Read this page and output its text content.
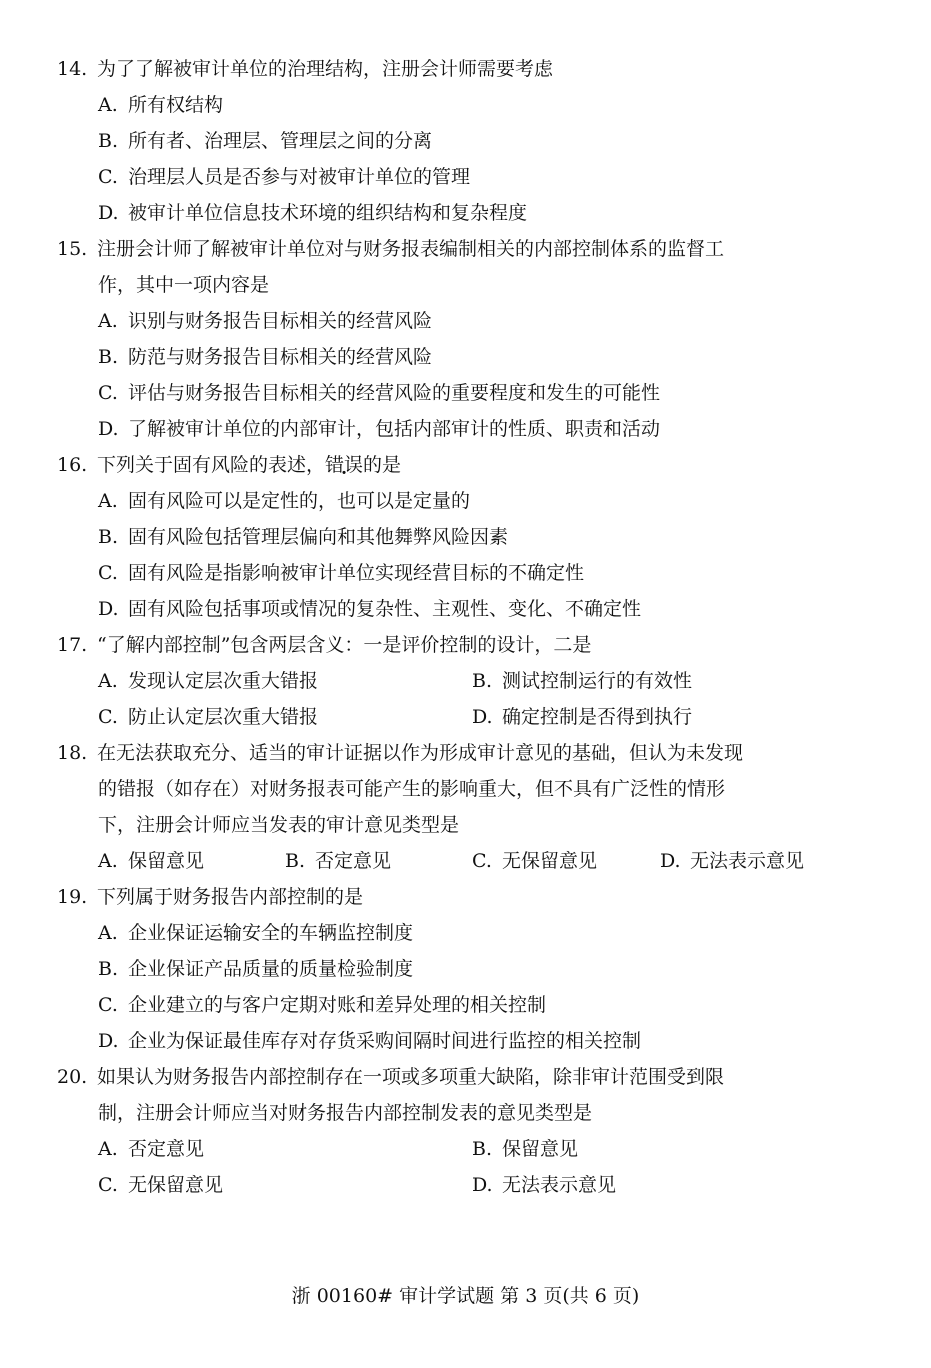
14. 为了了解被审计单位的治理结构，注册会计师需要考虑
A. 所有权结构
B. 所有者、治理层、管理层之间的分离
C. 治理层人员是否参与对被审计单位的管理
D. 被审计单位信息技术环境的组织结构和复杂程度
15. 注册会计师了解被审计单位对与财务报表编制相关的内部控制体系的监督工
作，其中一项内容是
A. 识别与财务报告目标相关的经营风险
B. 防范与财务报告目标相关的经营风险
C. 评估与财务报告目标相关的经营风险的重要程度和发生的可能性
D. 了解被审计单位的内部审计，包括内部审计的性质、职责和活动
16. 下列关于固有风险的表述，错误 ·的是
A. 固有风险可以是定性的，也可以是定量的
B. 固有风险包括管理层偏向和其他舞弊风险因素
C. 固有风险是指影响被审计单位实现经营目标的不确定性
D. 固有风险包括事项或情况的复杂性、主观性、变化、不确定性
17. “了解内部控制”包含两层含义：一是评价控制的设计，二是
A. 发现认定层次重大错报	B. 测试控制运行的有效性
C. 防止认定层次重大错报	D. 确定控制是否得到执行
18. 在无法获取充分、适当的审计证据以作为形成审计意见的基础，但认为未发现
的错报（如存在）对财务报表可能产生的影响重大，但不具有广泛性的情形
下，注册会计师应当发表的审计意见类型是
A. 保留意见	B. 否定意见	C. 无保留意见	D. 无法表示意见
19. 下列属于财务报告内部控制的是
A. 企业保证运输安全的车辆监控制度
B. 企业保证产品质量的质量检验制度
C. 企业建立的与客户定期对账和差异处理的相关控制
D. 企业为保证最佳库存对存货采购间隔时间进行监控的相关控制
20. 如果认为财务报告内部控制存在一项或多项重大缺陷，除非审计范围受到限
制，注册会计师应当对财务报告内部控制发表的意见类型是
A. 否定意见	B. 保留意见
C. 无保留意见	D. 无法表示意见
浙 00160# 审计学试题 第 3 页(共 6 页)
